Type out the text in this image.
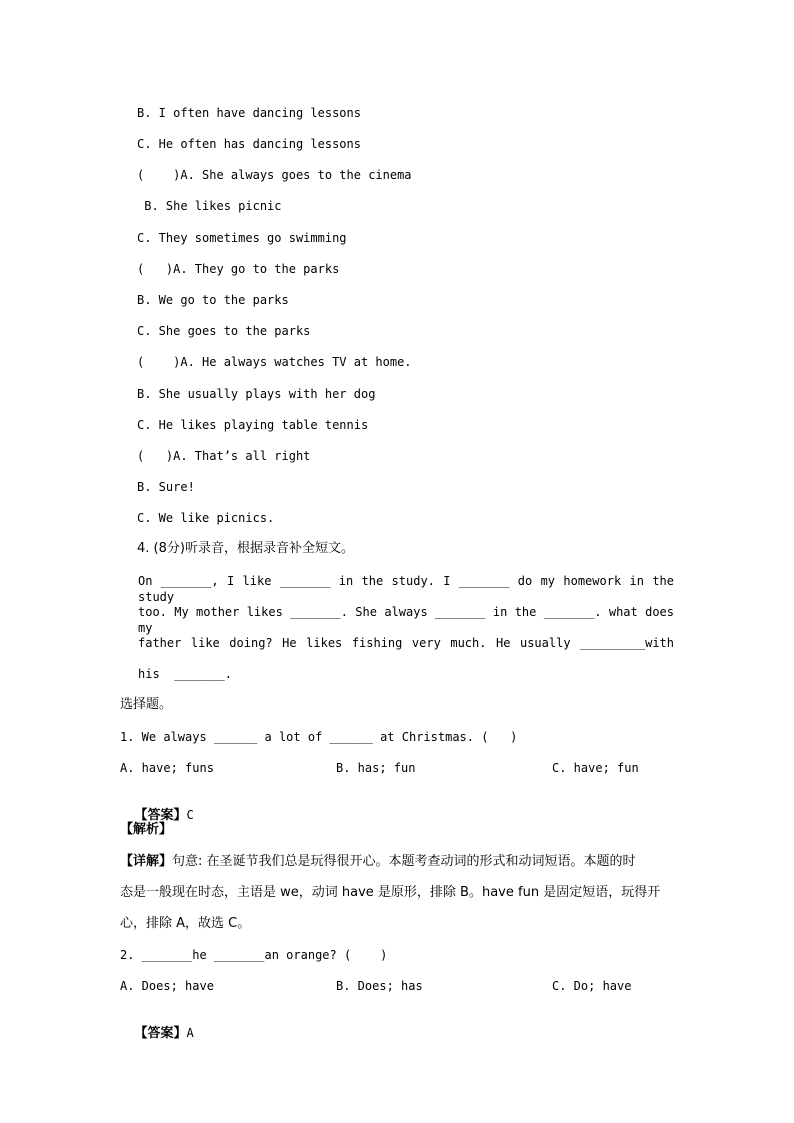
B. I often have dancing lessons
C. He often has dancing lessons
(    )A. She always goes to the cinema
B. She likes picnic
C. They sometimes go swimming
(   )A. They go to the parks
B. We go to the parks
C. She goes to the parks
(    )A. He always watches TV at home.
B. She usually plays with her dog
C. He likes playing table tennis
(   )A. That’s all right
B. Sure!
C. We like picnics.
4. (8分)听录音，根据录音补全短文。
On _______, I like _______ in the study. I _______ do my homework in the study
too. My mother likes _______. She always _______ in the _______. what does my
father like doing? He likes fishing very much. He usually _________with
his  _______.
选择题。
1. We always ______ a lot of ______ at Christmas. (   )
A. have; funs	B. has; fun	C. have; fun

【答案】C

【解析】
【详解】句意: 在圣诞节我们总是玩得很开心。本题考查动词的形式和动词短语。本题的时
态是一般现在时态，主语是 we，动词 have 是原形，排除 B。have fun 是固定短语，玩得开
心，排除 A，故选 C。
2. _______he _______an orange? (    )
A. Does; have	B. Does; has	C. Do; have

【答案】A
